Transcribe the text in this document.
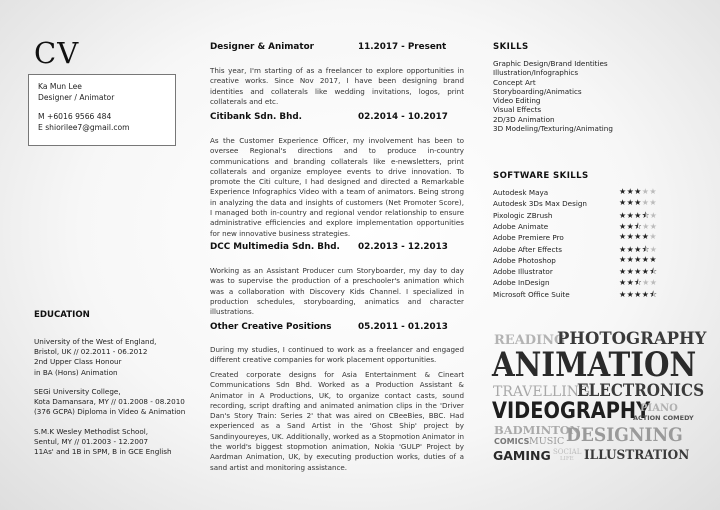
CV
Ka Mun Lee
Designer / Animator
M +6016 9566 484
E shiorilee7@gmail.com
EDUCATION
University of the West of England,
Bristol, UK // 02.2011 - 06.2012
2nd Upper Class Honour
in BA (Hons) Animation
SEGi University College,
Kota Damansara, MY // 01.2008 - 08.2010
(376 GCPA) Diploma in Video & Animation
S.M.K Wesley Methodist School,
Sentul, MY // 01.2003 - 12.2007
11As' and 1B in SPM, B in GCE English
Designer & Animator	11.2017 - Present
This year, I'm starting of as a freelancer to explore opportunities in creative works. Since Nov 2017, I have been designing brand identities and collaterals like wedding invitations, logos, print collaterals and etc.
Citibank Sdn. Bhd.	02.2014 - 10.2017
As the Customer Experience Officer, my involvement has been to oversee Regional's directions and to produce in-country communications and branding collaterals like e-newsletters, print collaterals and organize employee events to drive innovation. To promote the Citi culture, I had designed and directed a Remarkable Experience Infographics Video with a team of animators. Being strong in analyzing the data and insights of customers (Net Promoter Score), I managed both in-country and regional vendor relationship to ensure administrative efficiencies and explore implementation opportunities for new innovative business strategies.
DCC Multimedia Sdn. Bhd. 02.2013 - 12.2013
Working as an Assistant Producer cum Storyboarder, my day to day was to supervise the production of a preschooler's animation which was a collaboration with Discovery Kids Channel. I specialized in production schedules, storyboarding, animatics and character illustrations.
Other Creative Positions	05.2011 - 01.2013
During my studies, I continued to work as a freelancer and engaged different creative companies for work placement opportunities.
Created corporate designs for Asia Entertainment & Cineart Communications Sdn Bhd. Worked as a Production Assistant & Animator in A Productions, UK, to organize contact casts, sound recording, script drafting and animated animation clips in the 'Driver Dan's Story Train: Series 2' that was aired on CBeeBies, BBC. Had experienced as a Sand Artist in the 'Ghost Ship' project by Sandinyoureyes, UK. Additionally, worked as a Stopmotion Animator in the world's biggest stopmotion animation, Nokia 'GULP' Project by Aardman Animation, UK, by executing production works, duties of a sand artist and monitoring assistance.
SKILLS
Graphic Design/Brand Identities
Illustration/Infographics
Concept Art
Storyboarding/Animatics
Video Editing
Visual Effects
2D/3D Animation
3D Modeling/Texturing/Animating
SOFTWARE SKILLS
Autodesk Maya	★★★★★
Autodesk 3Ds Max Design	★★★★★
Pixologic ZBrush	★★★⯪★
Adobe Animate	★★⯪★★
Adobe Premiere Pro	★★★★★
Adobe After Effects	★★★⯪★
Adobe Photoshop	★★★★★
Adobe Illustrator	★★★★⯪
Adobe InDesign	★★⯪★★
Microsoft Office Suite	★★★★⯪
READING
PHOTOGRAPHY
ANIMATION
TRAVELLING
ELECTRONICS
VIDEOGRAPHY
PIANO
ACTION COMEDY
BADMINTON
COMICS MUSIC DESIGNING
GAMING SOCIAL
LIFE ILLUSTRATION
